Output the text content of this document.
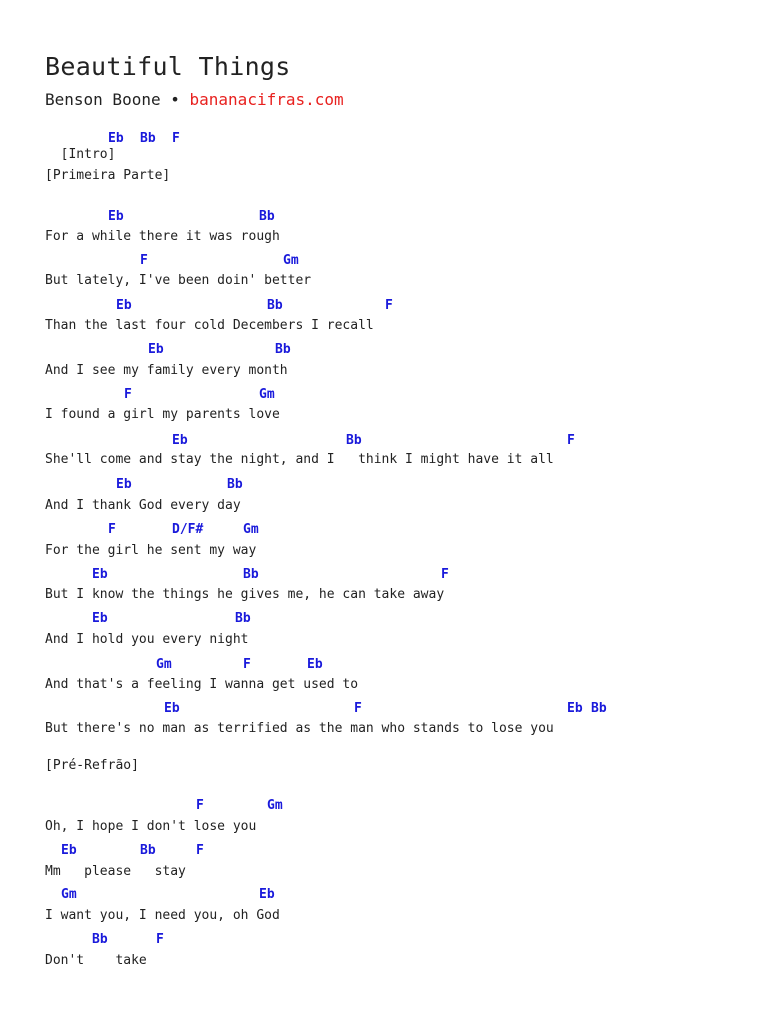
Beautiful Things
Benson Boone • bananacifras.com

[Intro]

Eb Bb F
[Primeira Parte]
Eb	Bb
For a while there it was rough
F	Gm
But lately, I've been doin' better
Eb	Bb	F
Than the last four cold Decembers I recall
Eb	Bb
And I see my family every month
F	Gm
I found a girl my parents love
Eb	Bb	F
She'll come and stay the night, and I   think I might have it all
Eb	Bb
And I thank God every day
F	D/F#	Gm
For the girl he sent my way
Eb	Bb	F
But I know the things he gives me, he can take away
Eb	Bb
And I hold you every night
Gm	F	Eb
And that's a feeling I wanna get used to
Eb	F	Eb Bb
But there's no man as terrified as the man who stands to lose you
[Pré-Refrão]
F	Gm
Oh, I hope I don't lose you
Eb	Bb	F
Mm   please   stay
Gm	Eb
I want you, I need you, oh God
Bb	F
Don't    take
